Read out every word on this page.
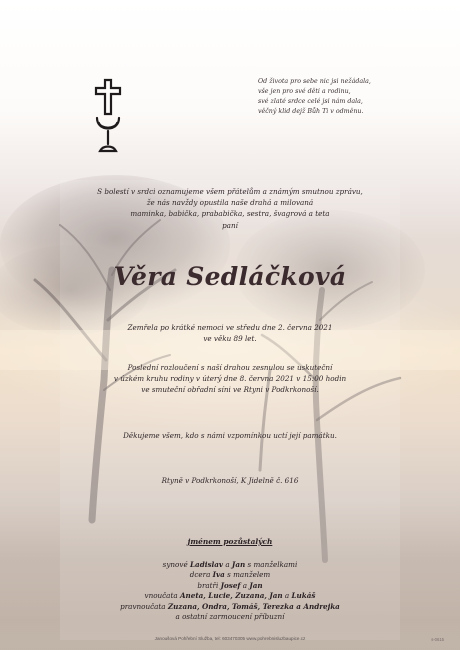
Od života pro sebe nic jsi nežádala,
vše jen pro své děti a rodinu,
své zlaté srdce celé jsi nám dala,
věčný klid dejž Bůh Ti v odměnu.
S bolestí v srdci oznamujeme všem přátelům a známým smutnou zprávu,
že nás navždy opustila naše drahá a milovaná
maminka, babička, prababička, sestra, švagrová a teta
paní
Věra Sedláčková
Zemřela po krátké nemoci ve středu dne 2. června 2021
ve věku 89 let.
Poslední rozloučení s naší drahou zesnulou se uskuteční
v úzkém kruhu rodiny v úterý dne 8. června 2021 v 15:00 hodin
ve smuteční obřadní síni ve Rtyni v Podkrkonoší.
Děkujeme všem, kdo s námi vzpomínkou uctí její památku.
Rtyně v Podkrkonoší, K Jidelně č. 616
jménem pozůstalých
synové Ladislav a Jan s manželkami
dcera Iva s manželem
bratři Josef a Jan
vnoučata Aneta, Lucie, Zuzana, Jan a Lukáš
pravnoučata Zuzana, Ondra, Tomáš, Terezka a Andrejka
a ostatní zarmoucení příbuzní
Janoušová Pohřební Služba, tel: 603470305 www.pohrebnisluzbaupice.cz	s-0615
